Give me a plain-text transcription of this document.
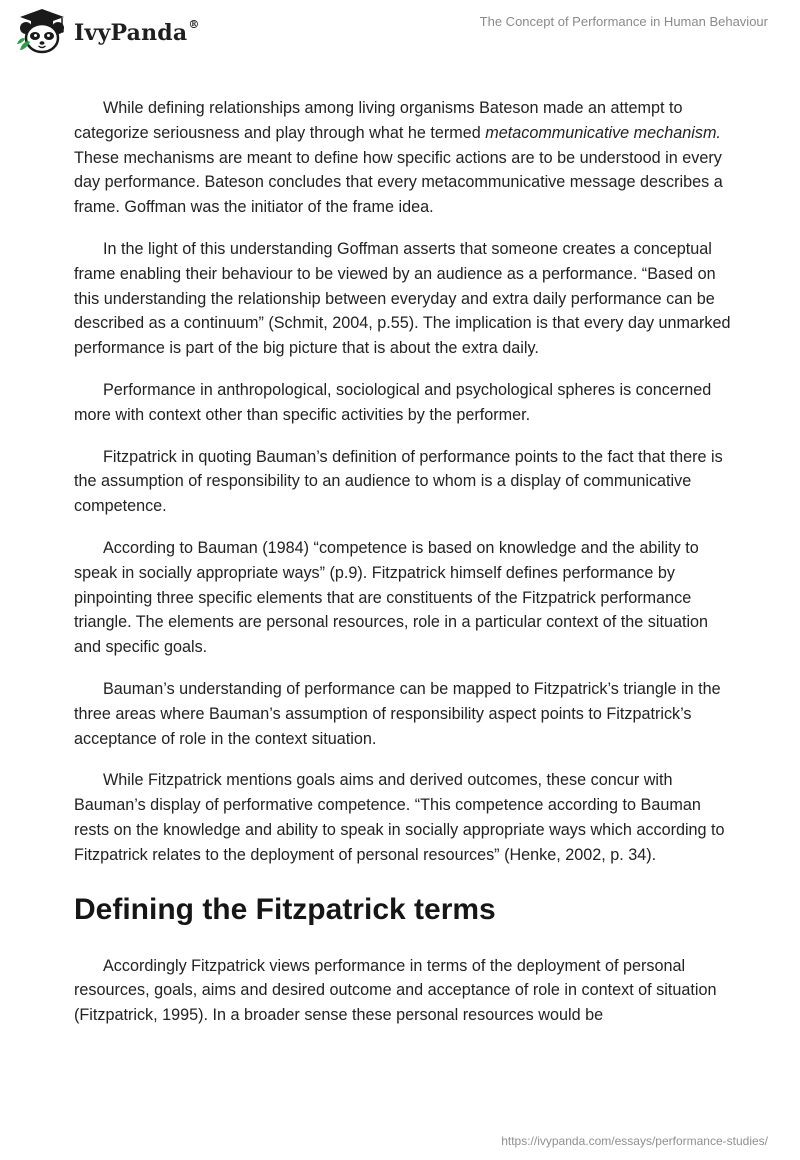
IvyPanda®	The Concept of Performance in Human Behaviour

While defining relationships among living organisms Bateson made an attempt to categorize seriousness and play through what he termed metacommunicative mechanism. These mechanisms are meant to define how specific actions are to be understood in every day performance. Bateson concludes that every metacommunicative message describes a frame. Goffman was the initiator of the frame idea.

In the light of this understanding Goffman asserts that someone creates a conceptual frame enabling their behaviour to be viewed by an audience as a performance. “Based on this understanding the relationship between everyday and extra daily performance can be described as a continuum” (Schmit, 2004, p.55). The implication is that every day unmarked performance is part of the big picture that is about the extra daily.

Performance in anthropological, sociological and psychological spheres is concerned more with context other than specific activities by the performer.

Fitzpatrick in quoting Bauman’s definition of performance points to the fact that there is the assumption of responsibility to an audience to whom is a display of communicative competence.

According to Bauman (1984) “competence is based on knowledge and the ability to speak in socially appropriate ways” (p.9). Fitzpatrick himself defines performance by pinpointing three specific elements that are constituents of the Fitzpatrick performance triangle. The elements are personal resources, role in a particular context of the situation and specific goals.

Bauman’s understanding of performance can be mapped to Fitzpatrick’s triangle in the three areas where Bauman’s assumption of responsibility aspect points to Fitzpatrick’s acceptance of role in the context situation.

While Fitzpatrick mentions goals aims and derived outcomes, these concur with Bauman’s display of performative competence. “This competence according to Bauman rests on the knowledge and ability to speak in socially appropriate ways which according to Fitzpatrick relates to the deployment of personal resources” (Henke, 2002, p. 34).

Defining the Fitzpatrick terms

Accordingly Fitzpatrick views performance in terms of the deployment of personal resources, goals, aims and desired outcome and acceptance of role in context of situation (Fitzpatrick, 1995). In a broader sense these personal resources would be

https://ivypanda.com/essays/performance-studies/
